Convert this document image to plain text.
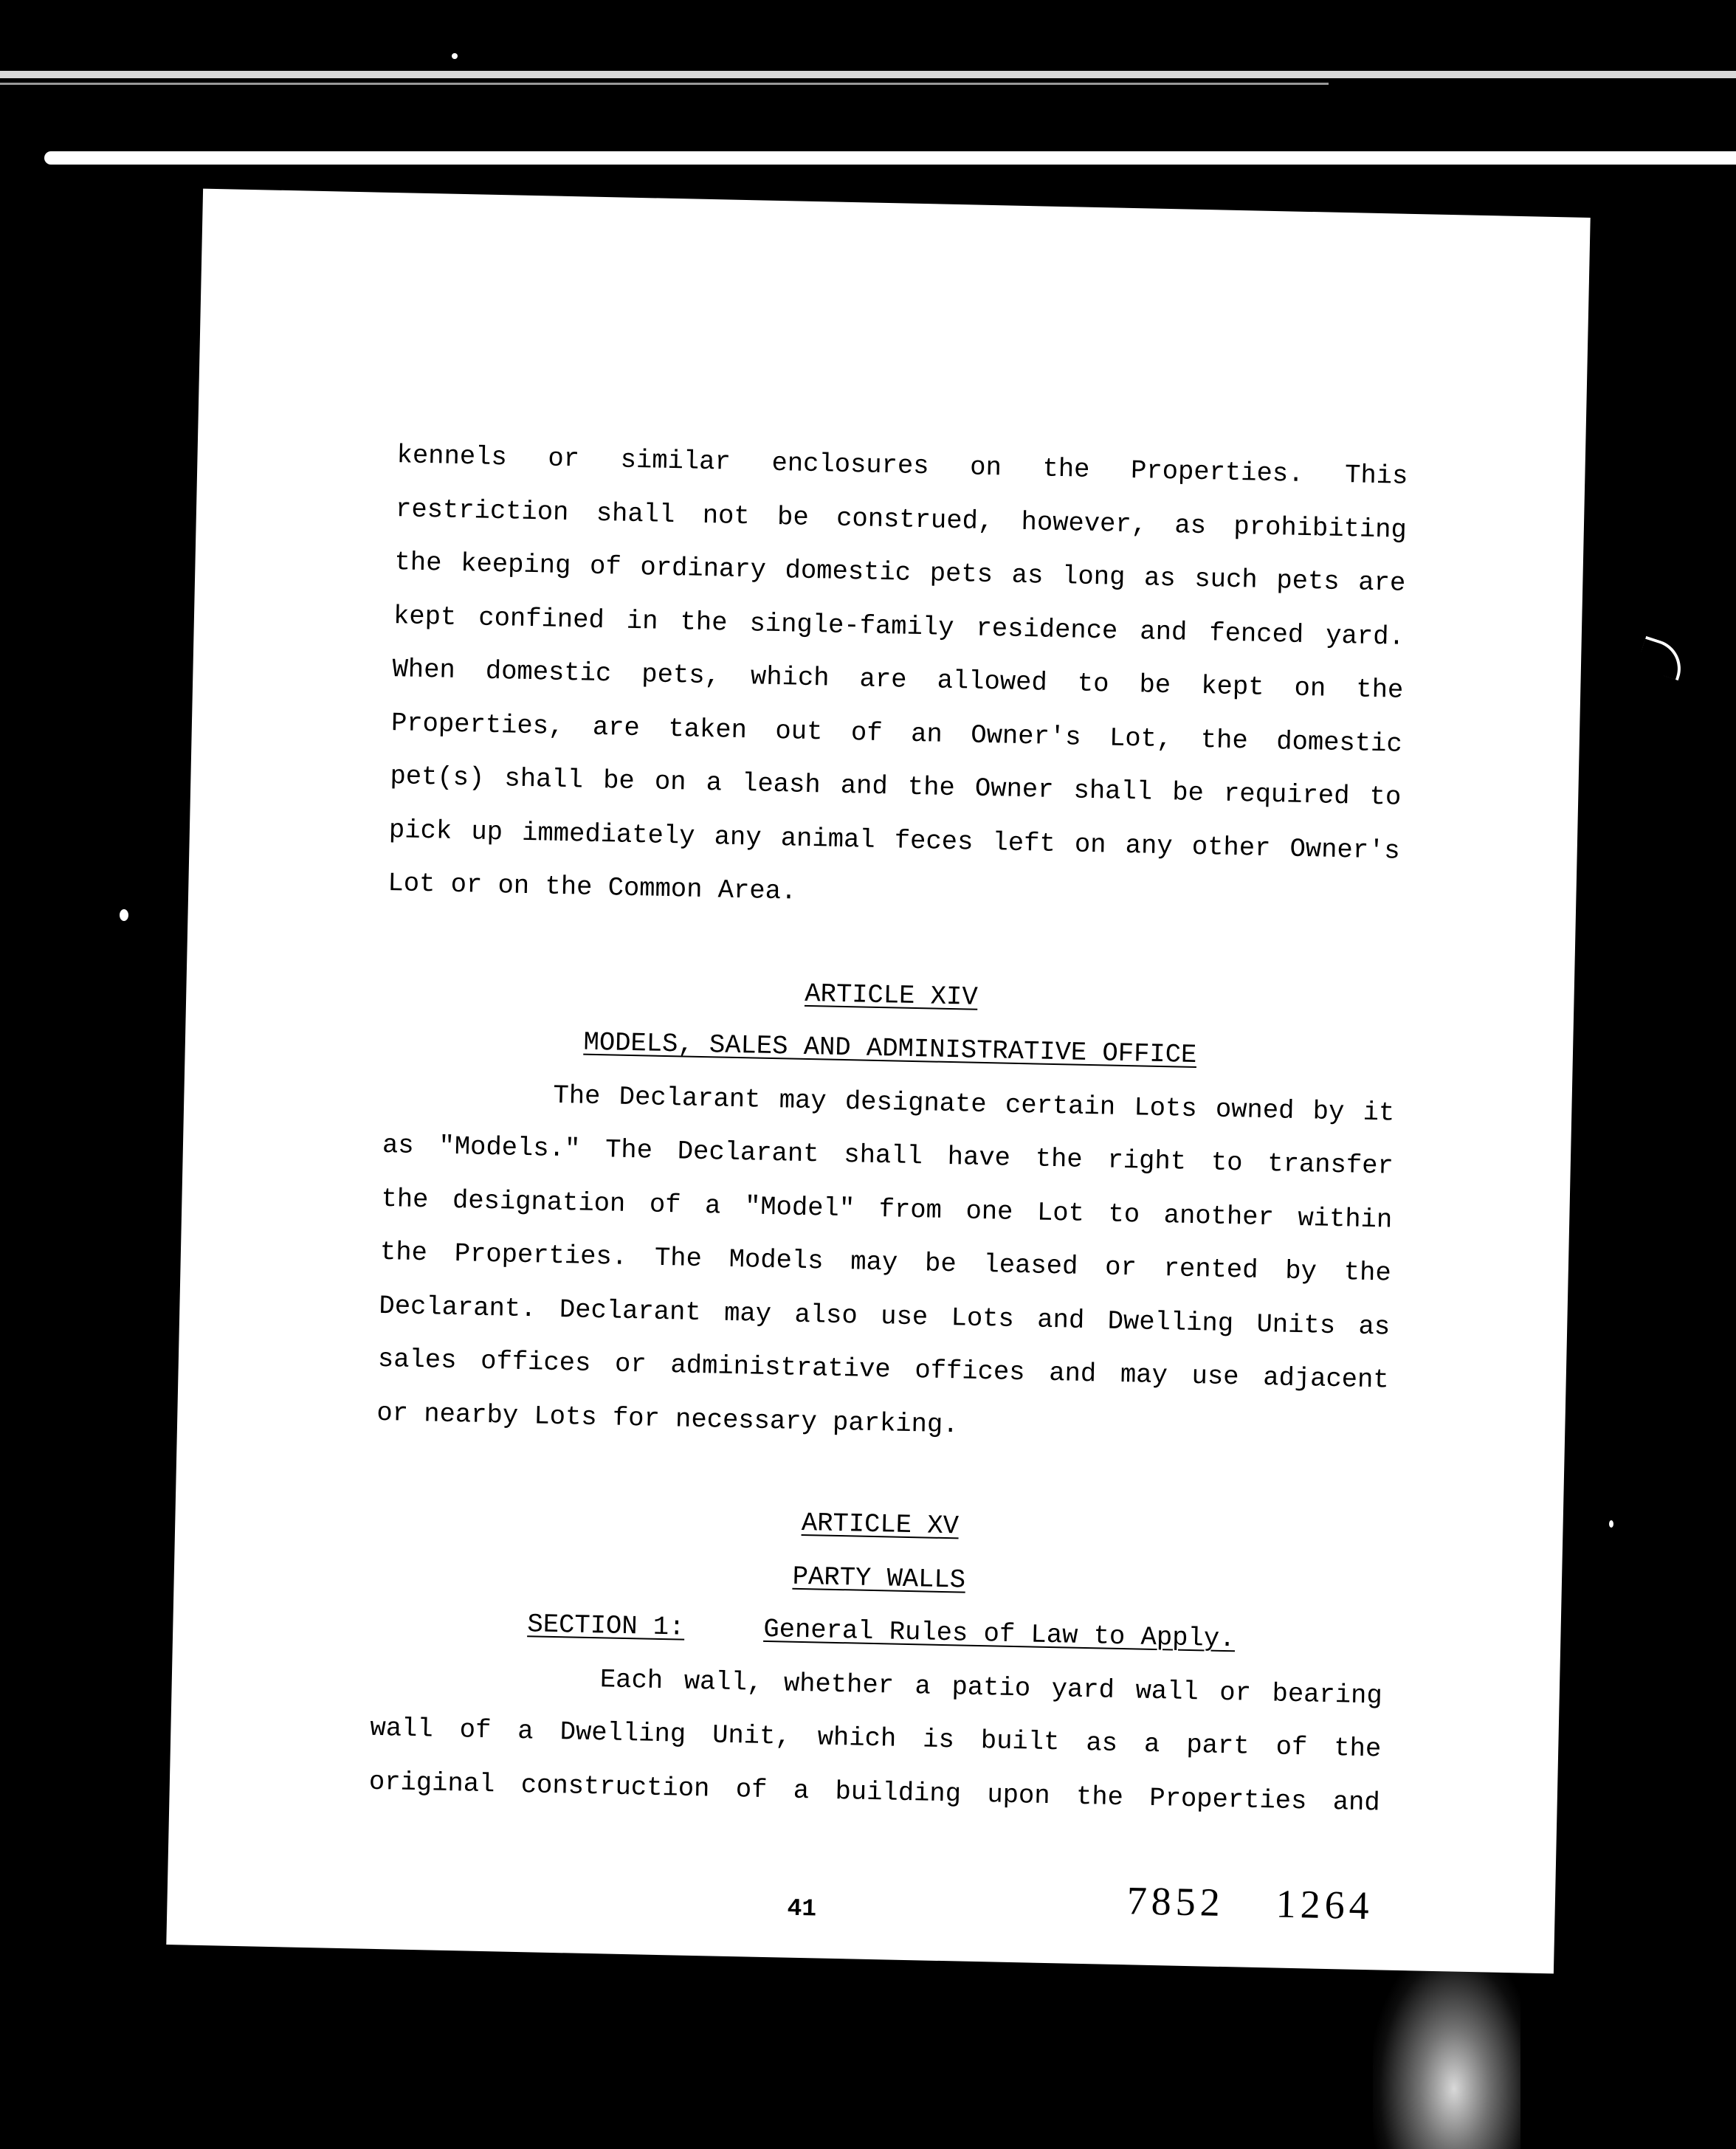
kennels or similar enclosures on the Properties. This
restriction shall not be construed, however, as prohibiting
the keeping of ordinary domestic pets as long as such pets are
kept confined in the single-family residence and fenced yard.
When domestic pets, which are allowed to be kept on the
Properties, are taken out of an Owner's Lot, the domestic
pet(s) shall be on a leash and the Owner shall be required to
pick up immediately any animal feces left on any other Owner's
Lot or on the Common Area.
ARTICLE XIV
MODELS, SALES AND ADMINISTRATIVE OFFICE
The Declarant may designate certain Lots owned by it
as "Models." The Declarant shall have the right to transfer
the designation of a "Model" from one Lot to another within
the Properties. The Models may be leased or rented by the
Declarant. Declarant may also use Lots and Dwelling Units as
sales offices or administrative offices and may use adjacent
or nearby Lots for necessary parking.
ARTICLE XV
PARTY WALLS
SECTION 1:	General Rules of Law to Apply.
Each wall, whether a patio yard wall or bearing
wall of a Dwelling Unit, which is built as a part of the
original construction of a building upon the Properties and
41	7852 1264
